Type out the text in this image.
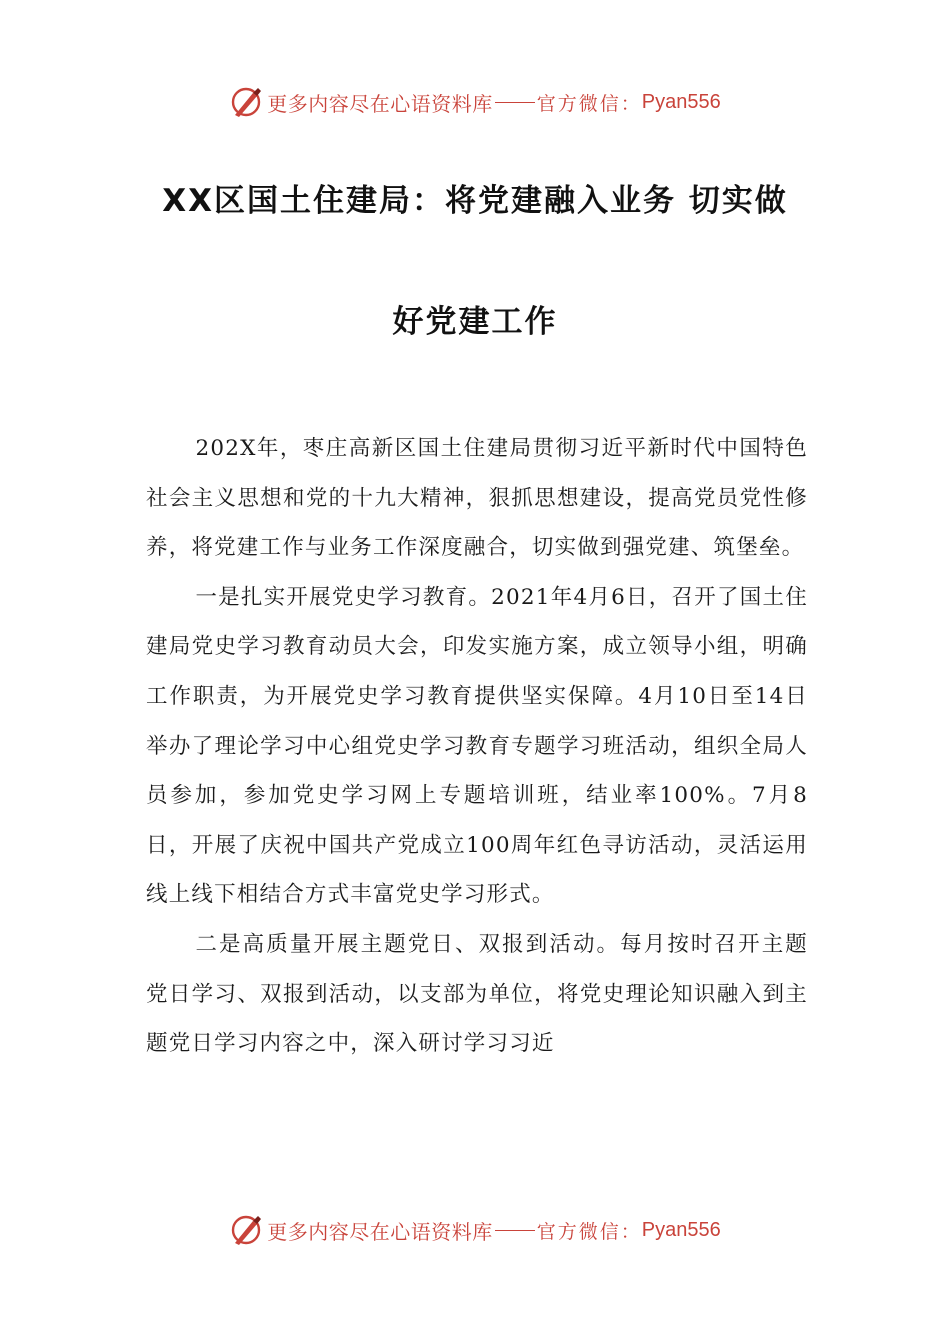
更多内容尽在心语资料库 官方微信： Pyan556
XX区国土住建局：将党建融入业务 切实做
好党建工作

202X年，枣庄高新区国土住建局贯彻习近平新时代中国特色社会主义思想和党的十九大精神，狠抓思想建设，提高党员党性修养，将党建工作与业务工作深度融合，切实做到强党建、筑堡垒。

一是扎实开展党史学习教育。2021年4月6日，召开了国土住建局党史学习教育动员大会，印发实施方案，成立领导小组，明确工作职责，为开展党史学习教育提供坚实保障。4月10日至14日举办了理论学习中心组党史学习教育专题学习班活动，组织全局人员参加，参加党史学习网上专题培训班，结业率100%。7月8日，开展了庆祝中国共产党成立100周年红色寻访活动，灵活运用线上线下相结合方式丰富党史学习形式。

二是高质量开展主题党日、双报到活动。每月按时召开主题党日学习、双报到活动，以支部为单位，将党史理论知识融入到主题党日学习内容之中，深入研讨学习习近

更多内容尽在心语资料库 官方微信： Pyan556
